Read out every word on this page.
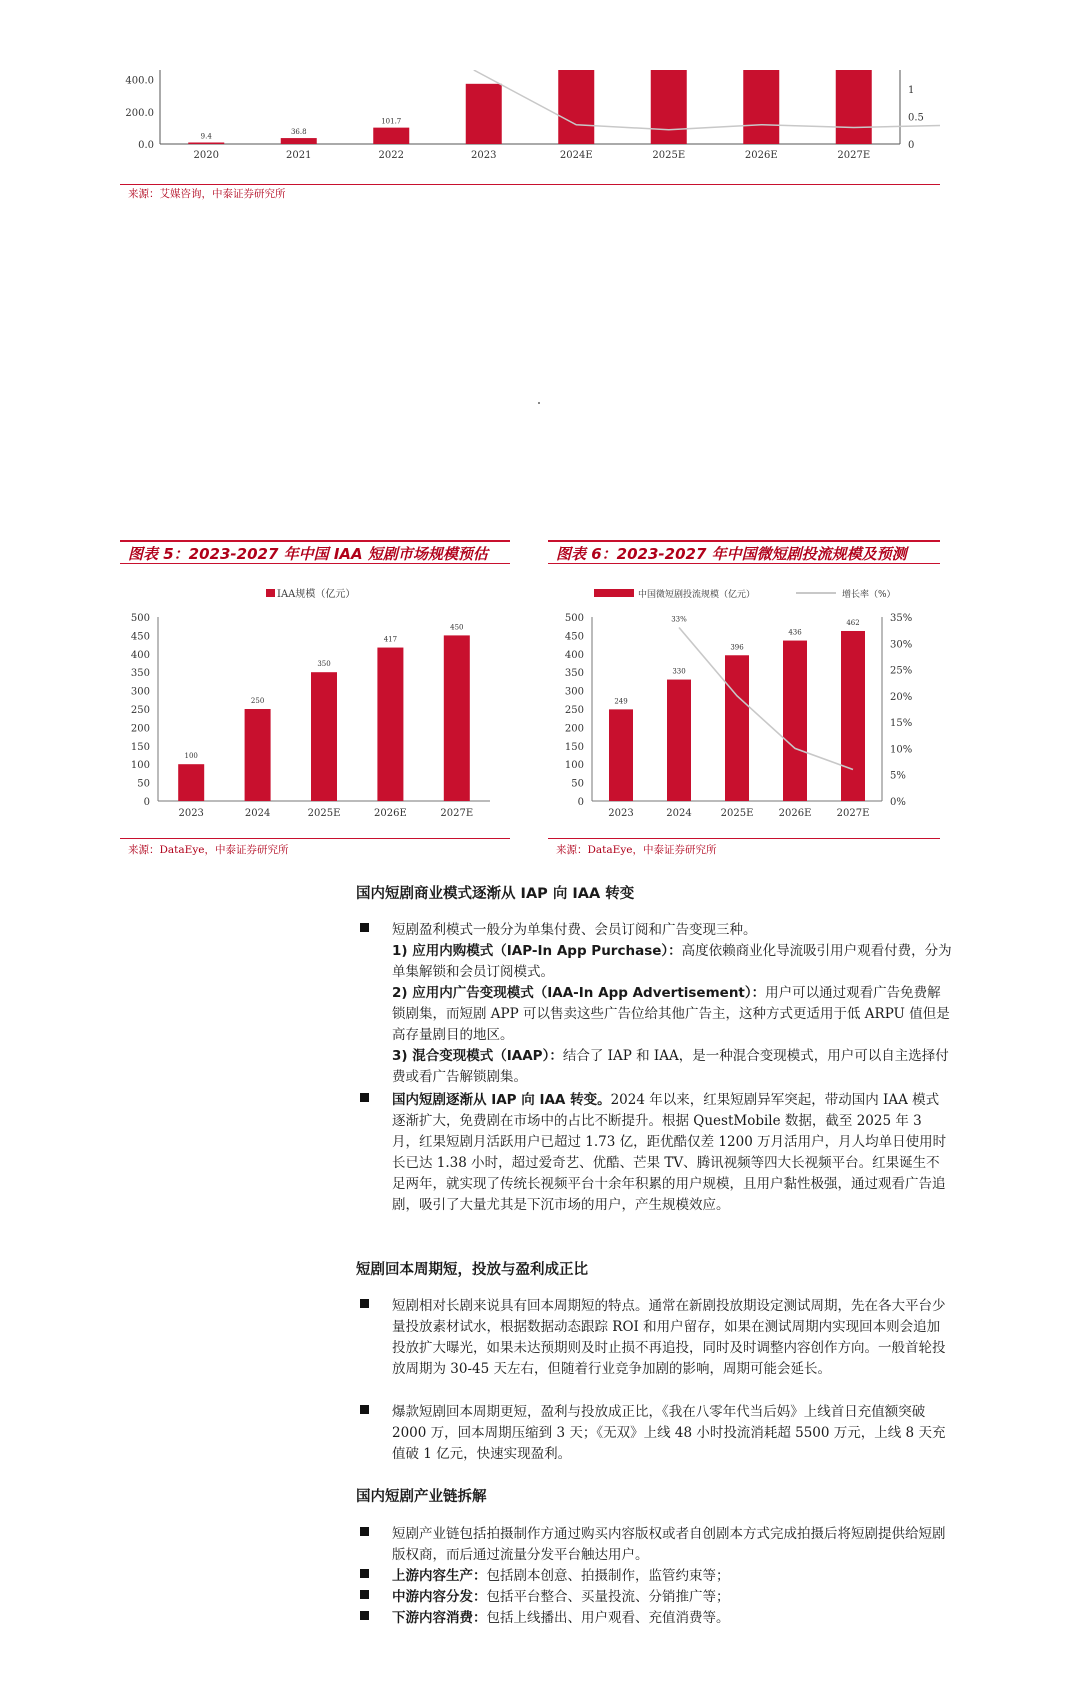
400.0
200.0
0.0
1
0.5
0
9.4
2020
36.8
2021
101.7
2022	2023	2024E	2025E	2026E	2027E
来源：艾媒咨询，中泰证券研究所
图表 5：2023-2027 年中国 IAA 短剧市场规模预估
IAA规模（亿元）
500
450
400
350
300
250
200
150
100
50
0
100
2023
250
2024
350
2025E
417
2026E
450
2027E
来源：DataEye，中泰证券研究所
图表 6：2023-2027 年中国微短剧投流规模及预测
中国微短剧投流规模（亿元）	增长率（%）
500
450
400
350
300
250
200
150
100
50
0
35%
30%
25%
20%
15%
10%
5%
0%
249
2023
330
2024
396
2025E
436
2026E
462
2027E
33%
来源：DataEye，中泰证券研究所
国内短剧商业模式逐渐从 IAP 向 IAA 转变

短剧盈利模式一般分为单集付费、会员订阅和广告变现三种。

1) 应用内购模式（IAP-In App Purchase）：高度依赖商业化导流吸引用户观看付费，分为单集解锁和会员订阅模式。

2) 应用内广告变现模式（IAA-In App Advertisement）：用户可以通过观看广告免费解锁剧集，而短剧 APP 可以售卖这些广告位给其他广告主，这种方式更适用于低 ARPU 值但是高存量剧目的地区。

3) 混合变现模式（IAAP）：结合了 IAP 和 IAA，是一种混合变现模式，用户可以自主选择付费或看广告解锁剧集。

国内短剧逐渐从 IAP 向 IAA 转变。2024 年以来，红果短剧异军突起，带动国内 IAA 模式逐渐扩大，免费剧在市场中的占比不断提升。根据 QuestMobile 数据，截至 2025 年 3 月，红果短剧月活跃用户已超过 1.73 亿，距优酷仅差 1200 万月活用户，月人均单日使用时长已达 1.38 小时，超过爱奇艺、优酷、芒果 TV、腾讯视频等四大长视频平台。红果诞生不足两年，就实现了传统长视频平台十余年积累的用户规模，且用户黏性极强，通过观看广告追剧，吸引了大量尤其是下沉市场的用户，产生规模效应。

短剧回本周期短，投放与盈利成正比

短剧相对长剧来说具有回本周期短的特点。通常在新剧投放期设定测试周期，先在各大平台少量投放素材试水，根据数据动态跟踪 ROI 和用户留存，如果在测试周期内实现回本则会追加投放扩大曝光，如果未达预期则及时止损不再追投，同时及时调整内容创作方向。一般首轮投放周期为 30-45 天左右，但随着行业竞争加剧的影响，周期可能会延长。

爆款短剧回本周期更短，盈利与投放成正比，《我在八零年代当后妈》上线首日充值额突破 2000 万，回本周期压缩到 3 天；《无双》上线 48 小时投流消耗超 5500 万元，上线 8 天充值破 1 亿元，快速实现盈利。

国内短剧产业链拆解

短剧产业链包括拍摄制作方通过购买内容版权或者自创剧本方式完成拍摄后将短剧提供给短剧版权商，而后通过流量分发平台触达用户。

上游内容生产：包括剧本创意、拍摄制作，监管约束等；

中游内容分发：包括平台整合、买量投流、分销推广等；

下游内容消费：包括上线播出、用户观看、充值消费等。
